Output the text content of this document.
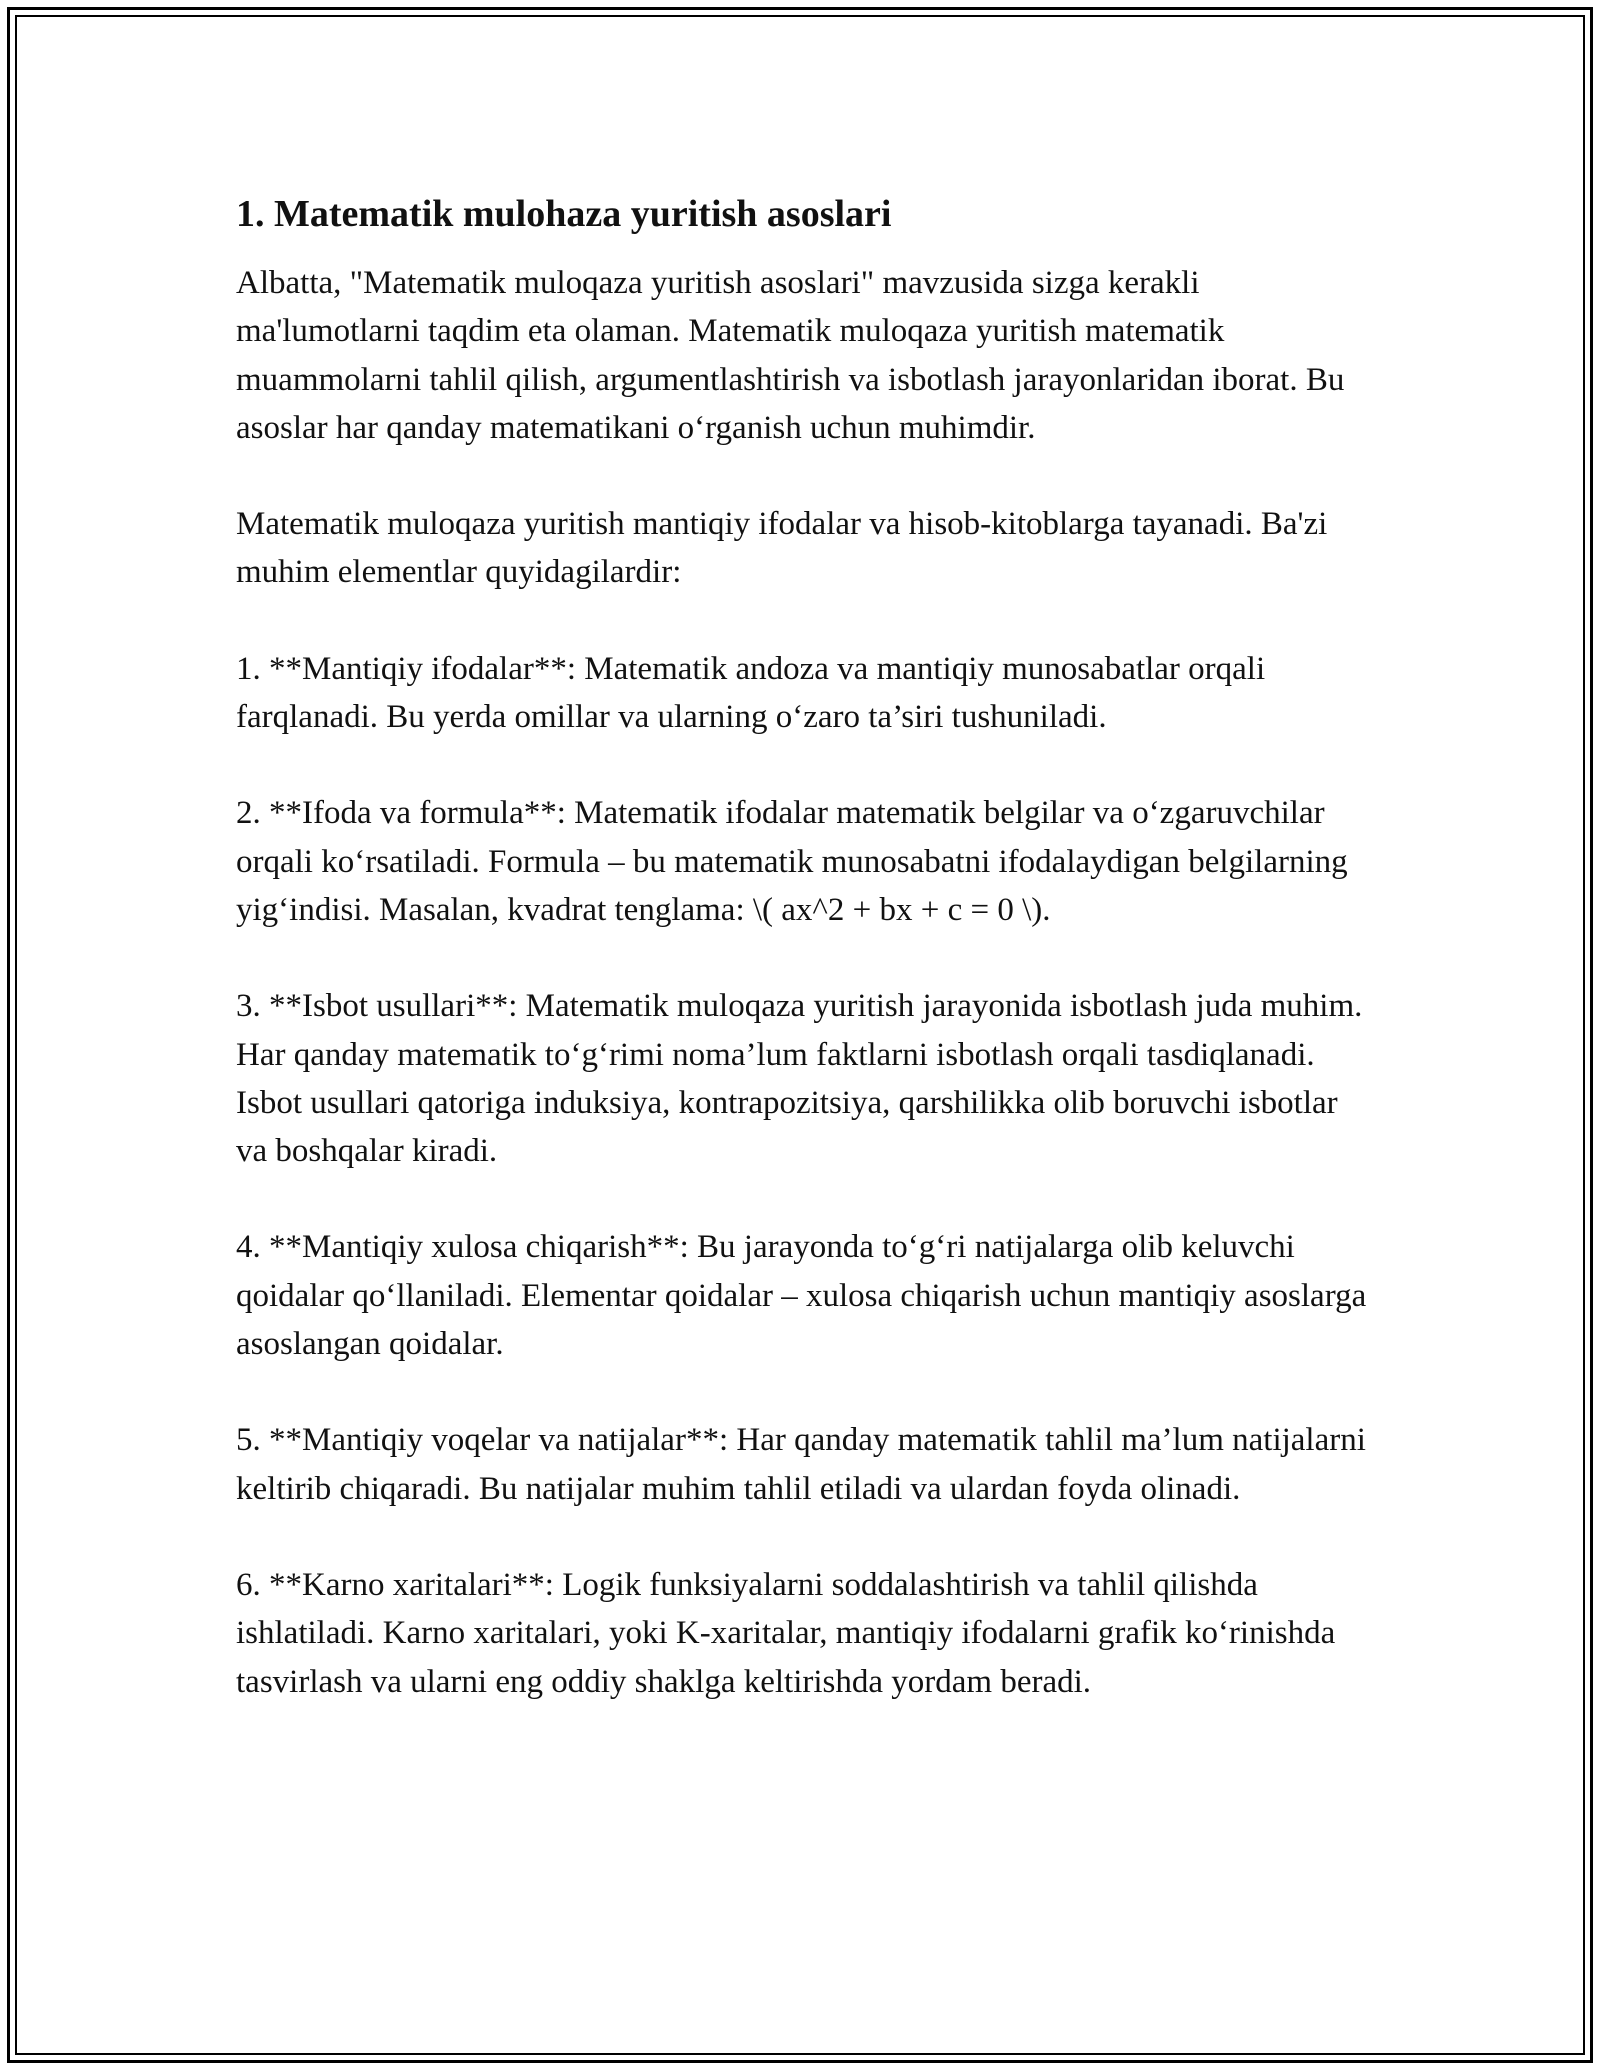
1. Matematik mulohaza yuritish asoslari

Albatta, "Matematik muloqaza yuritish asoslari" mavzusida sizga kerakli ma'lumotlarni taqdim eta olaman. Matematik muloqaza yuritish matematik muammolarni tahlil qilish, argumentlashtirish va isbotlash jarayonlaridan iborat. Bu asoslar har qanday matematikani o‘rganish uchun muhimdir.

Matematik muloqaza yuritish mantiqiy ifodalar va hisob-kitoblarga tayanadi. Ba'zi muhim elementlar quyidagilardir:

1. **Mantiqiy ifodalar**: Matematik andoza va mantiqiy munosabatlar orqali farqlanadi. Bu yerda omillar va ularning o‘zaro ta’siri tushuniladi.

2. **Ifoda va formula**: Matematik ifodalar matematik belgilar va o‘zgaruvchilar orqali ko‘rsatiladi. Formula – bu matematik munosabatni ifodalaydigan belgilarning yig‘indisi. Masalan, kvadrat tenglama: \( ax^2 + bx + c = 0 \).

3. **Isbot usullari**: Matematik muloqaza yuritish jarayonida isbotlash juda muhim. Har qanday matematik to‘g‘rimi noma’lum faktlarni isbotlash orqali tasdiqlanadi. Isbot usullari qatoriga induksiya, kontrapozitsiya, qarshilikka olib boruvchi isbotlar va boshqalar kiradi.

4. **Mantiqiy xulosa chiqarish**: Bu jarayonda to‘g‘ri natijalarga olib keluvchi qoidalar qo‘llaniladi. Elementar qoidalar – xulosa chiqarish uchun mantiqiy asoslarga asoslangan qoidalar.

5. **Mantiqiy voqelar va natijalar**: Har qanday matematik tahlil ma’lum natijalarni keltirib chiqaradi. Bu natijalar muhim tahlil etiladi va ulardan foyda olinadi.

6. **Karno xaritalari**: Logik funksiyalarni soddalashtirish va tahlil qilishda ishlatiladi. Karno xaritalari, yoki K-xaritalar, mantiqiy ifodalarni grafik ko‘rinishda tasvirlash va ularni eng oddiy shaklga keltirishda yordam beradi.
